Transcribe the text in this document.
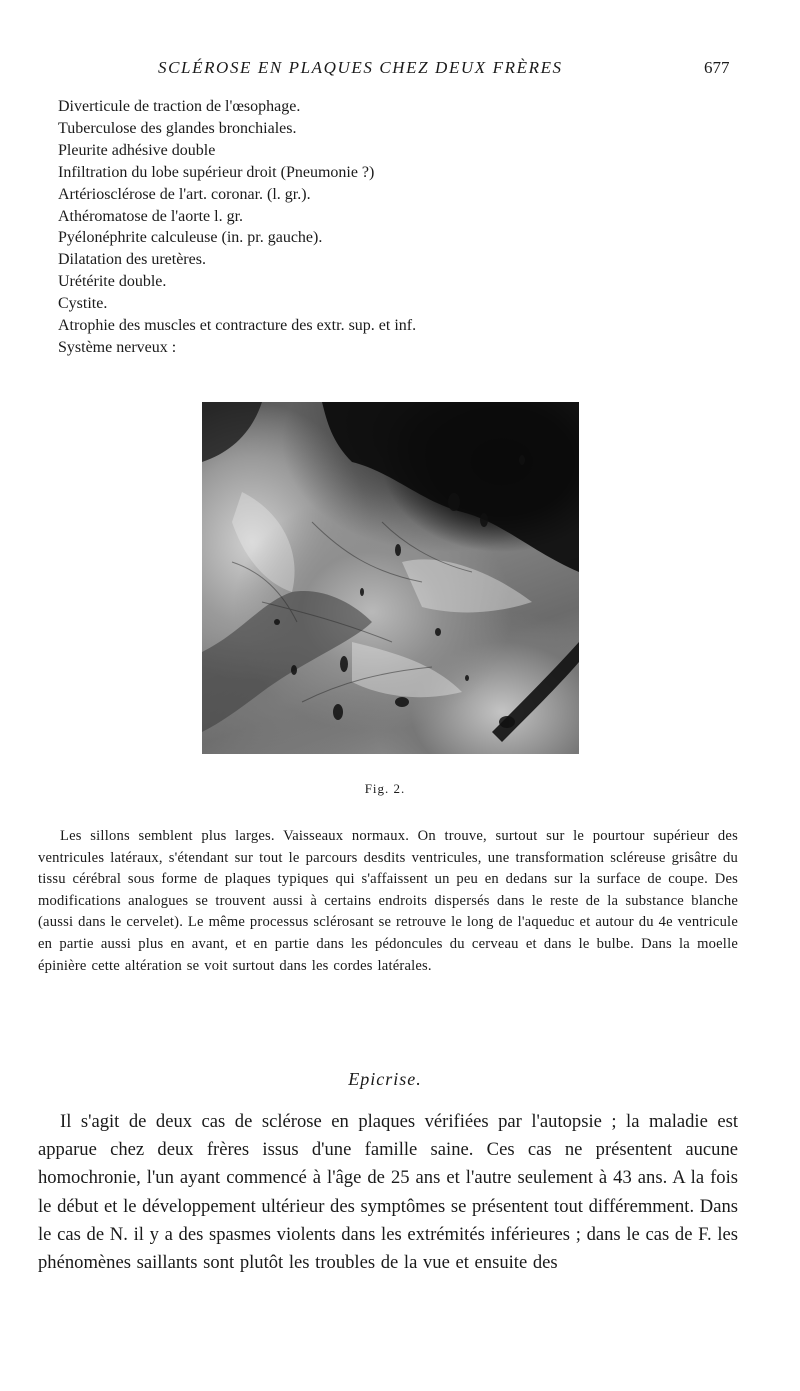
SCLÉROSE EN PLAQUES CHEZ DEUX FRÈRES	677
Diverticule de traction de l'œsophage.
Tuberculose des glandes bronchiales.
Pleurite adhésive double
Infiltration du lobe supérieur droit (Pneumonie ?)
Artériosclérose de l'art. coronar. (l. gr.).
Athéromatose de l'aorte l. gr.
Pyélonéphrite calculeuse (in. pr. gauche).
Dilatation des uretères.
Urétérite double.
Cystite.
Atrophie des muscles et contracture des extr. sup. et inf.
Système nerveux :
Fig. 2.

Les sillons semblent plus larges. Vaisseaux normaux. On trouve, surtout sur le pourtour supérieur des ventricules latéraux, s'étendant sur tout le parcours desdits ventricules, une transformation scléreuse grisâtre du tissu cérébral sous forme de plaques typiques qui s'affaissent un peu en dedans sur la surface de coupe. Des modifications analogues se trouvent aussi à certains endroits dispersés dans le reste de la substance blanche (aussi dans le cervelet). Le même processus sclérosant se retrouve le long de l'aqueduc et autour du 4e ventricule en partie aussi plus en avant, et en partie dans les pédoncules du cerveau et dans le bulbe. Dans la moelle épinière cette altération se voit surtout dans les cordes latérales.

Epicrise.

Il s'agit de deux cas de sclérose en plaques vérifiées par l'autopsie ; la maladie est apparue chez deux frères issus d'une famille saine. Ces cas ne présentent aucune homochronie, l'un ayant commencé à l'âge de 25 ans et l'autre seulement à 43 ans. A la fois le début et le développement ultérieur des symptômes se présentent tout différemment. Dans le cas de N. il y a des spasmes violents dans les extrémités inférieures ; dans le cas de F. les phénomènes saillants sont plutôt les troubles de la vue et ensuite des
